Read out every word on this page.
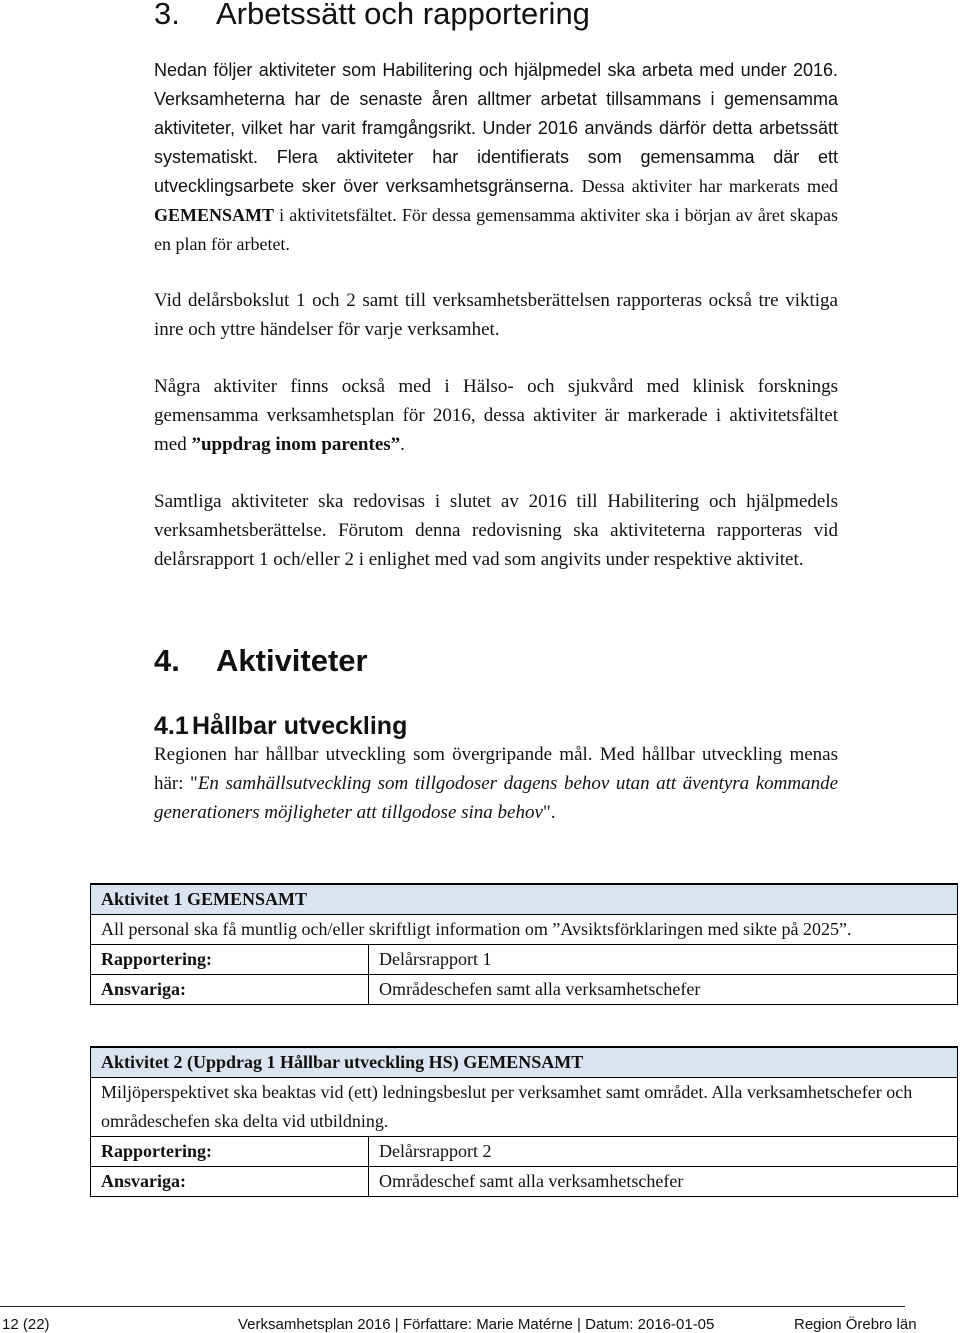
3. Arbetssätt och rapportering

Nedan följer aktiviteter som Habilitering och hjälpmedel ska arbeta med under 2016. Verksamheterna har de senaste åren alltmer arbetat tillsammans i gemensamma aktiviteter, vilket har varit framgångsrikt. Under 2016 används därför detta arbetssätt systematiskt. Flera aktiviteter har identifierats som gemensamma där ett utvecklingsarbete sker över verksamhetsgränserna. Dessa aktiviter har markerats med GEMENSAMT i aktivitetsfältet. För dessa gemensamma aktiviter ska i början av året skapas en plan för arbetet.

Vid delårsbokslut 1 och 2 samt till verksamhetsberättelsen rapporteras också tre viktiga inre och yttre händelser för varje verksamhet.

Några aktiviter finns också med i Hälso- och sjukvård med klinisk forsknings gemensamma verksamhetsplan för 2016, dessa aktiviter är markerade i aktivitetsfältet med ”uppdrag inom parentes”.

Samtliga aktiviteter ska redovisas i slutet av 2016 till Habilitering och hjälpmedels verksamhetsberättelse. Förutom denna redovisning ska aktiviteterna rapporteras vid delårsrapport 1 och/eller 2 i enlighet med vad som angivits under respektive aktivitet.

4. Aktiviteter
4.1 Hållbar utveckling

Regionen har hållbar utveckling som övergripande mål. Med hållbar utveckling menas här: "En samhällsutveckling som tillgodoser dagens behov utan att äventyra kommande generationers möjligheter att tillgodose sina behov".

Aktivitet 1 GEMENSAMT	
All personal ska få muntlig och/eller skriftligt information om ”Avsiktsförklaringen med sikte på 2025”.	
Rapportering:	Delårsrapport 1
Ansvariga:	Områdeschefen samt alla verksamhetschefer
Aktivitet 2 (Uppdrag 1 Hållbar utveckling HS) GEMENSAMT	
Miljöperspektivet ska beaktas vid (ett) ledningsbeslut per verksamhet samt området. Alla verksamhetschefer och områdeschefen ska delta vid utbildning.	
Rapportering:	Delårsrapport 2
Ansvariga:	Områdeschef samt alla verksamhetschefer
12 (22)	Verksamhetsplan 2016 | Författare: Marie Matérne | Datum: 2016-01-05	Region Örebro län
